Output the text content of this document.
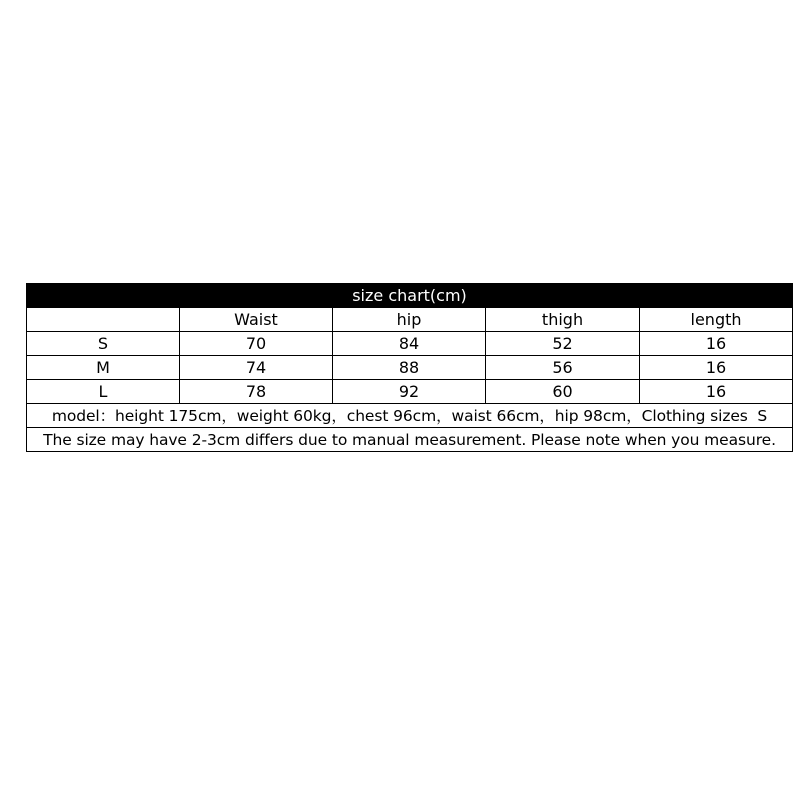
size chart(cm)				
	Waist	hip	thigh	length
S	70	84	52	16
M	74	88	56	16
L	78	92	60	16
model：height 175cm，weight 60kg，chest 96cm，waist 66cm，hip 98cm，Clothing sizes  S				
The size may have 2-3cm differs due to manual measurement. Please note when you measure.				
